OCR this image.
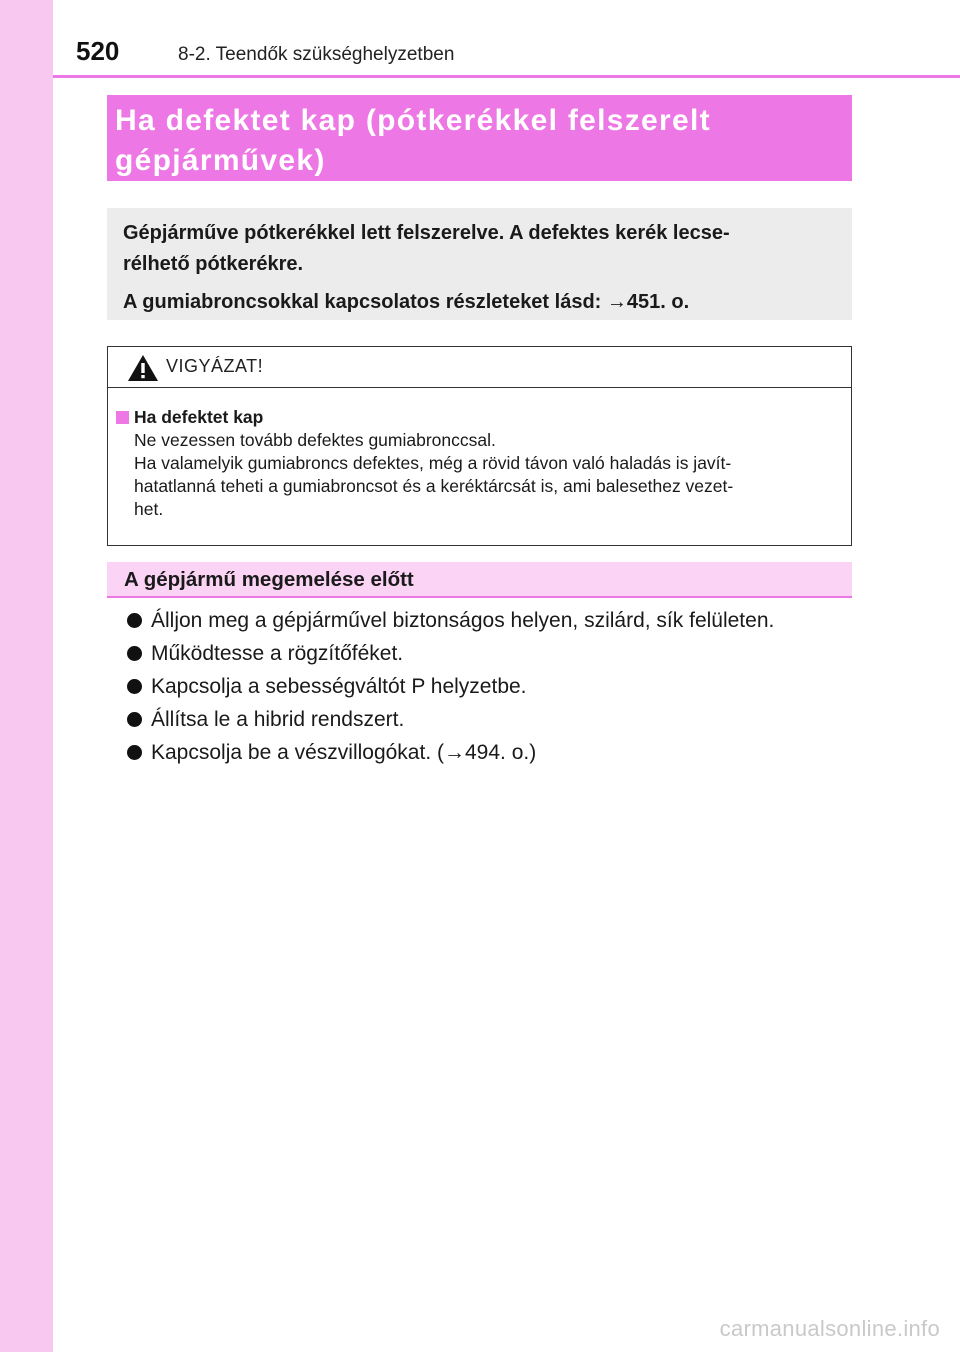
520	8-2. Teendők szükséghelyzetben
Ha defektet kap (pótkerékkel felszerelt
gépjárművek)

Gépjárműve pótkerékkel lett felszerelve. A defektes kerék lecse-
rélhető pótkerékre.

A gumiabroncsokkal kapcsolatos részleteket lásd: →451. o.

VIGYÁZAT!
Ha defektet kap
Ne vezessen tovább defektes gumiabronccsal.
Ha valamelyik gumiabroncs defektes, még a rövid távon való haladás is javít-
hatatlanná teheti a gumiabroncsot és a keréktárcsát is, ami balesethez vezet-
het.
A gépjármű megemelése előtt
Álljon meg a gépjárművel biztonságos helyen, szilárd, sík felületen.
Működtesse a rögzítőféket.
Kapcsolja a sebességváltót P helyzetbe.
Állítsa le a hibrid rendszert.
Kapcsolja be a vészvillogókat. (→494. o.)
carmanualsonline.info
